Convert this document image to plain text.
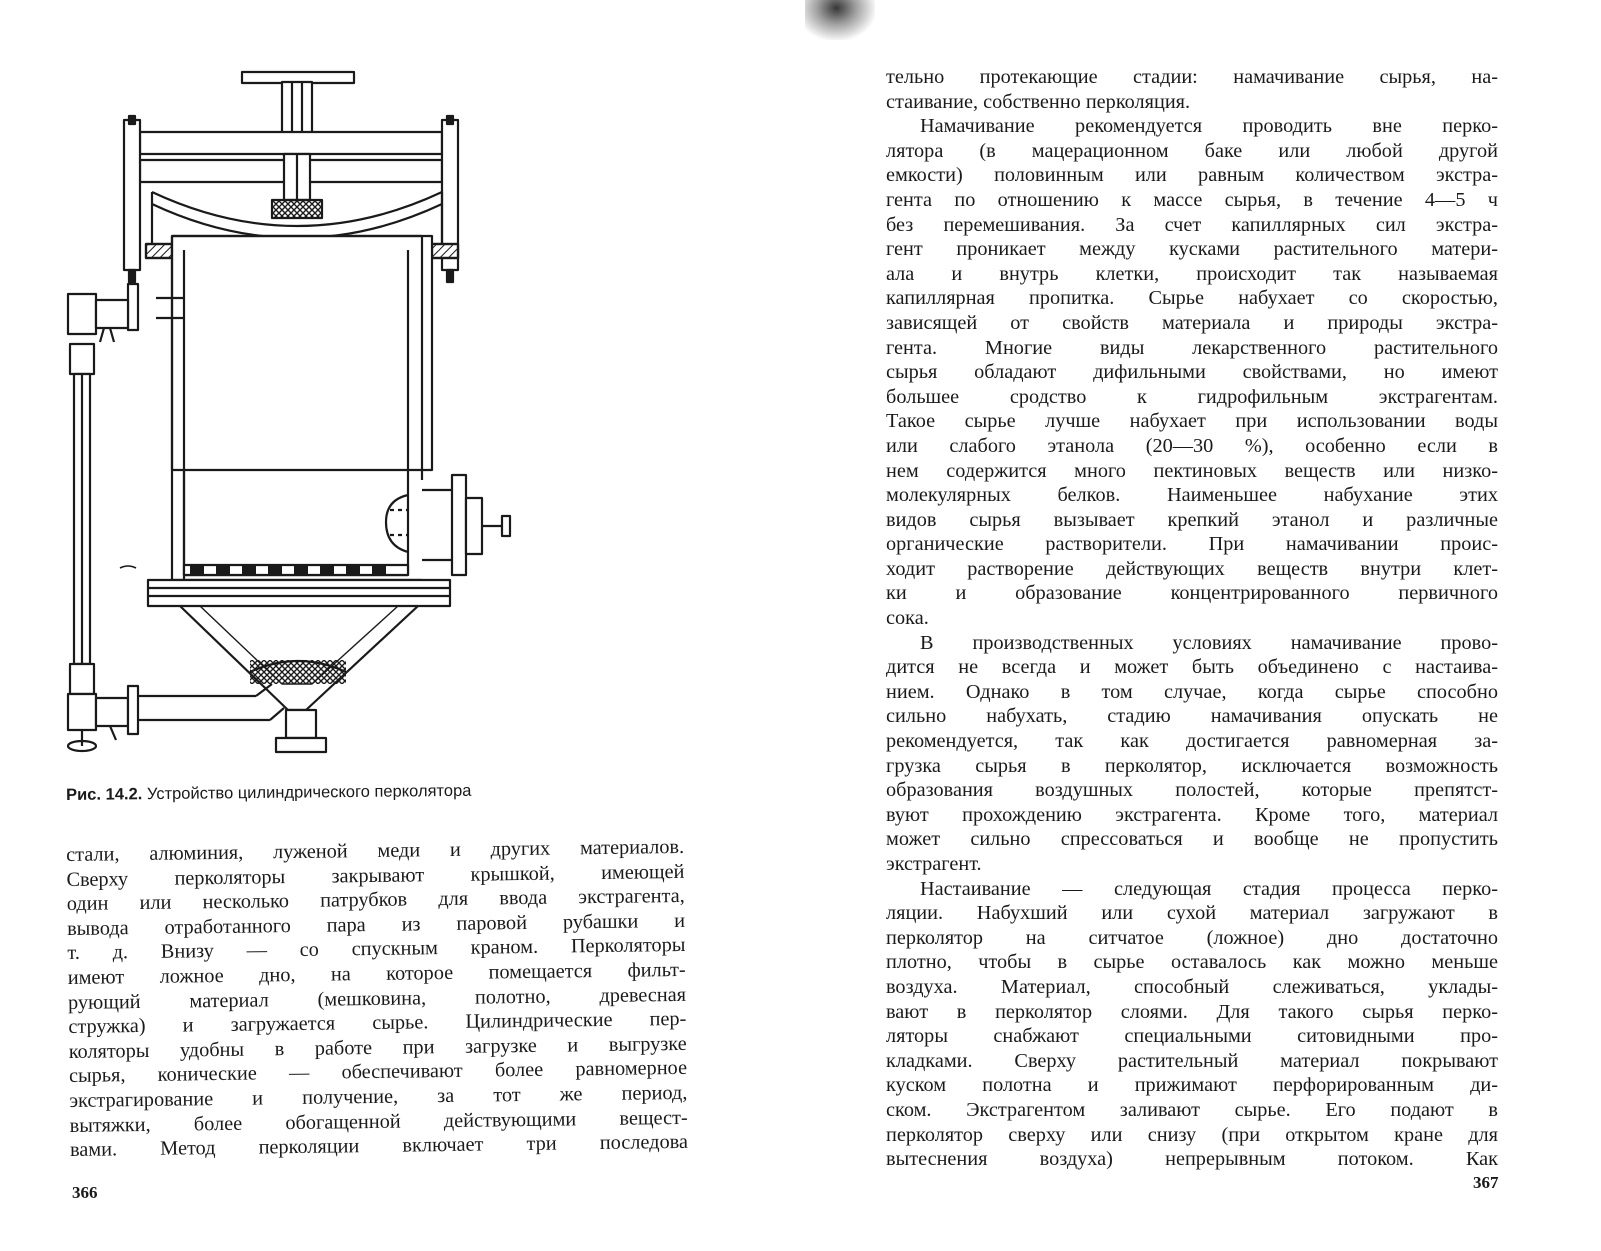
Рис. 14.2. Устройство цилиндрического перколятора
стали, алюминия, луженой меди и других материалов.
Сверху перколяторы закрывают крышкой, имеющей
один или несколько патрубков для ввода экстрагента,
вывода отработанного пара из паровой рубашки и
т. д. Внизу — со спускным краном. Перколяторы
имеют ложное дно, на которое помещается фильт-
рующий материал (мешковина, полотно, древесная
стружка) и загружается сырье. Цилиндрические пер-
коляторы удобны в работе при загрузке и выгрузке
сырья, конические — обеспечивают более равномерное
экстрагирование и получение, за тот же период,
вытяжки, более обогащенной действующими вещест-
вами. Метод перколяции включает три последова
366
тельно протекающие стадии: намачивание сырья, на-
стаивание, собственно перколяция.
Намачивание рекомендуется проводить вне перко-
лятора (в мацерационном баке или любой другой
емкости) половинным или равным количеством экстра-
гента по отношению к массе сырья, в течение 4—5 ч
без перемешивания. За счет капиллярных сил экстра-
гент проникает между кусками растительного матери-
ала и внутрь клетки, происходит так называемая
капиллярная пропитка. Сырье набухает со скоростью,
зависящей от свойств материала и природы экстра-
гента. Многие виды лекарственного растительного
сырья обладают дифильными свойствами, но имеют
большее сродство к гидрофильным экстрагентам.
Такое сырье лучше набухает при использовании воды
или слабого этанола (20—30 %), особенно если в
нем содержится много пектиновых веществ или низко-
молекулярных белков. Наименьшее набухание этих
видов сырья вызывает крепкий этанол и различные
органические растворители. При намачивании проис-
ходит растворение действующих веществ внутри клет-
ки и образование концентрированного первичного
сока.
В производственных условиях намачивание прово-
дится не всегда и может быть объединено с настаива-
нием. Однако в том случае, когда сырье способно
сильно набухать, стадию намачивания опускать не
рекомендуется, так как достигается равномерная за-
грузка сырья в перколятор, исключается возможность
образования воздушных полостей, которые препятст-
вуют прохождению экстрагента. Кроме того, материал
может сильно спрессоваться и вообще не пропустить
экстрагент.
Настаивание — следующая стадия процесса перко-
ляции. Набухший или сухой материал загружают в
перколятор на ситчатое (ложное) дно достаточно
плотно, чтобы в сырье оставалось как можно меньше
воздуха. Материал, способный слеживаться, уклады-
вают в перколятор слоями. Для такого сырья перко-
ляторы снабжают специальными ситовидными про-
кладками. Сверху растительный материал покрывают
куском полотна и прижимают перфорированным ди-
ском. Экстрагентом заливают сырье. Его подают в
перколятор сверху или снизу (при открытом кране для
вытеснения воздуха) непрерывным потоком. Как
367
